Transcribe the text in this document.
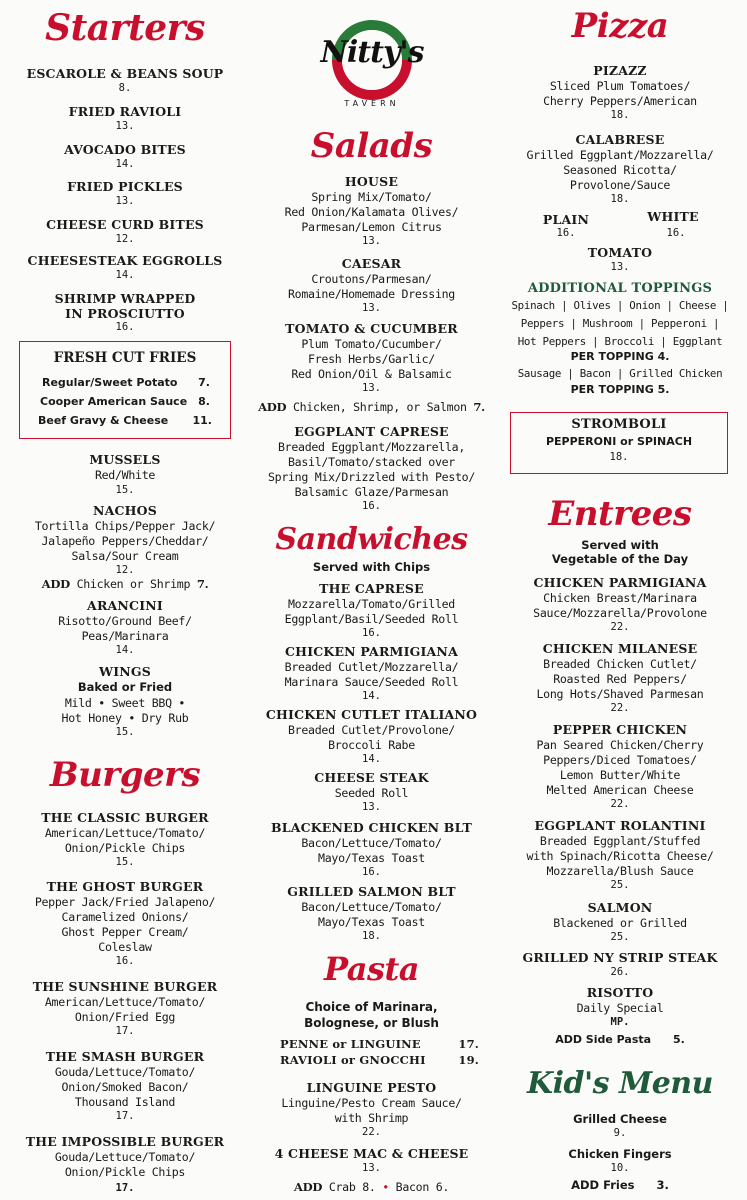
Starters
ESCAROLE & BEANS SOUP
8.
FRIED RAVIOLI
13.
AVOCADO BITES
14.
FRIED PICKLES
13.
CHEESE CURD BITES
12.
CHEESESTEAK EGGROLLS
14.
SHRIMP WRAPPED
IN PROSCIUTTO
16.
FRESH CUT FRIES
Regular/Sweet Potato 7.
Cooper American Sauce 8.
Beef Gravy & Cheese 11.
MUSSELS
Red/White
15.
NACHOS
Tortilla Chips/Pepper Jack/
Jalapeño Peppers/Cheddar/
Salsa/Sour Cream
12.
ADD Chicken or Shrimp 7.
ARANCINI
Risotto/Ground Beef/
Peas/Marinara
14.
WINGS
Baked or Fried
Mild • Sweet BBQ •
Hot Honey • Dry Rub
15.
Burgers
THE CLASSIC BURGER
American/Lettuce/Tomato/
Onion/Pickle Chips
15.
THE GHOST BURGER
Pepper Jack/Fried Jalapeno/
Caramelized Onions/
Ghost Pepper Cream/
Coleslaw
16.
THE SUNSHINE BURGER
American/Lettuce/Tomato/
Onion/Fried Egg
17.
THE SMASH BURGER
Gouda/Lettuce/Tomato/
Onion/Smoked Bacon/
Thousand Island
17.
THE IMPOSSIBLE BURGER
Gouda/Lettuce/Tomato/
Onion/Pickle Chips
17.
Nitty's
TAVERN
Salads
HOUSE
Spring Mix/Tomato/
Red Onion/Kalamata Olives/
Parmesan/Lemon Citrus
13.
CAESAR
Croutons/Parmesan/
Romaine/Homemade Dressing
13.
TOMATO & CUCUMBER
Plum Tomato/Cucumber/
Fresh Herbs/Garlic/
Red Onion/Oil & Balsamic
13.
ADD Chicken, Shrimp, or Salmon 7.
EGGPLANT CAPRESE
Breaded Eggplant/Mozzarella,
Basil/Tomato/stacked over
Spring Mix/Drizzled with Pesto/
Balsamic Glaze/Parmesan
16.
Sandwiches
Served with Chips
THE CAPRESE
Mozzarella/Tomato/Grilled
Eggplant/Basil/Seeded Roll
16.
CHICKEN PARMIGIANA
Breaded Cutlet/Mozzarella/
Marinara Sauce/Seeded Roll
14.
CHICKEN CUTLET ITALIANO
Breaded Cutlet/Provolone/
Broccoli Rabe
14.
CHEESE STEAK
Seeded Roll
13.
BLACKENED CHICKEN BLT
Bacon/Lettuce/Tomato/
Mayo/Texas Toast
16.
GRILLED SALMON BLT
Bacon/Lettuce/Tomato/
Mayo/Texas Toast
18.
Pasta
Choice of Marinara,
Bolognese, or Blush
PENNE or LINGUINE	17.
RAVIOLI or GNOCCHI	19.
LINGUINE PESTO
Linguine/Pesto Cream Sauce/
with Shrimp
22.
4 CHEESE MAC & CHEESE
13.
ADD Crab 8. • Bacon 6.
Pizza
PIZAZZ
Sliced Plum Tomatoes/
Cherry Peppers/American
18.
CALABRESE
Grilled Eggplant/Mozzarella/
Seasoned Ricotta/
Provolone/Sauce
18.
PLAIN
16.
WHITE
16.
TOMATO
13.
ADDITIONAL TOPPINGS
Spinach | Olives | Onion | Cheese |
Peppers | Mushroom | Pepperoni |
Hot Peppers | Broccoli | Eggplant
PER TOPPING 4.
Sausage | Bacon | Grilled Chicken
PER TOPPING 5.
STROMBOLI
PEPPERONI or SPINACH
18.
Entrees
Served with
Vegetable of the Day
CHICKEN PARMIGIANA
Chicken Breast/Marinara
Sauce/Mozzarella/Provolone
22.
CHICKEN MILANESE
Breaded Chicken Cutlet/
Roasted Red Peppers/
Long Hots/Shaved Parmesan
22.
PEPPER CHICKEN
Pan Seared Chicken/Cherry
Peppers/Diced Tomatoes/
Lemon Butter/White
Melted American Cheese
22.
EGGPLANT ROLANTINI
Breaded Eggplant/Stuffed
with Spinach/Ricotta Cheese/
Mozzarella/Blush Sauce
25.
SALMON
Blackened or Grilled
25.
GRILLED NY STRIP STEAK
26.
RISOTTO
Daily Special
MP.
ADD Side Pasta 5.
Kid's Menu
Grilled Cheese
9.
Chicken Fingers
10.
ADD Fries 3.
